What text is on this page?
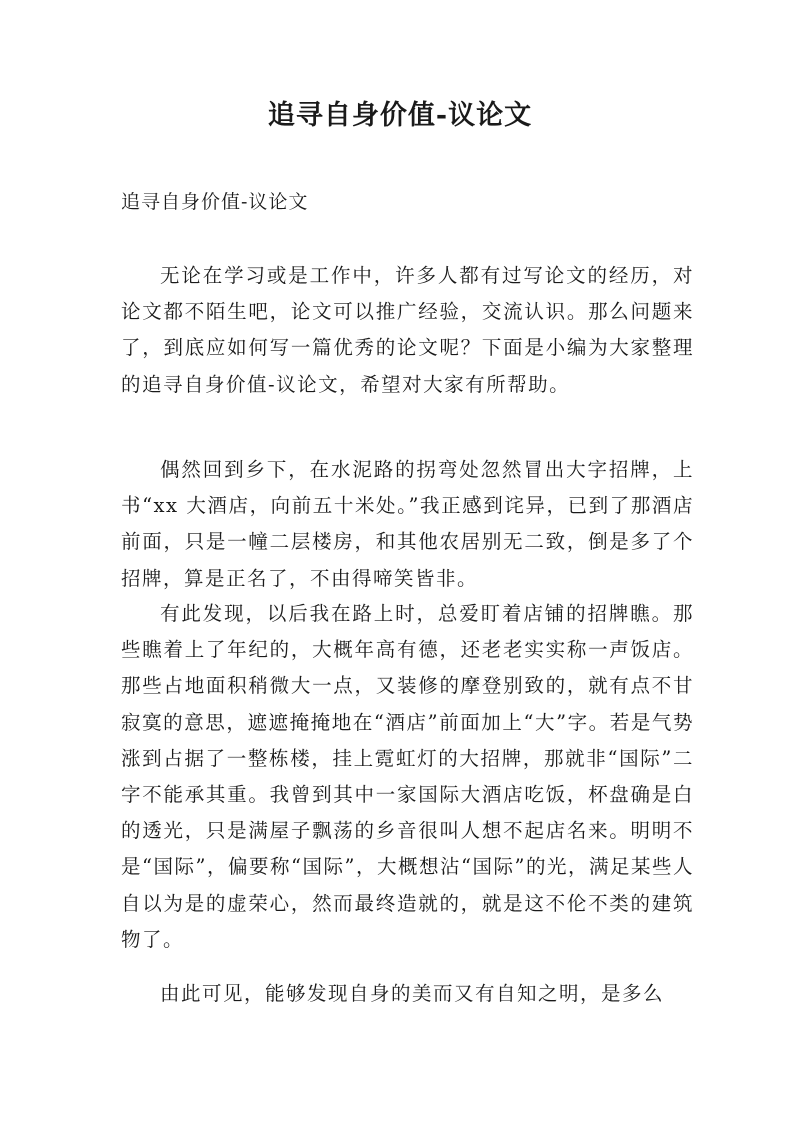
追寻自身价值-议论文

追寻自身价值-议论文

无论在学习或是工作中，许多人都有过写论文的经历，对论文都不陌生吧，论文可以推广经验，交流认识。那么问题来了，到底应如何写一篇优秀的论文呢？下面是小编为大家整理的追寻自身价值-议论文，希望对大家有所帮助。

偶然回到乡下，在水泥路的拐弯处忽然冒出大字招牌，上书“xx 大酒店，向前五十米处。”我正感到诧异，已到了那酒店前面，只是一幢二层楼房，和其他农居别无二致，倒是多了个招牌，算是正名了，不由得啼笑皆非。

有此发现，以后我在路上时，总爱盯着店铺的招牌瞧。那些瞧着上了年纪的，大概年高有德，还老老实实称一声饭店。那些占地面积稍微大一点，又装修的摩登别致的，就有点不甘寂寞的意思，遮遮掩掩地在“酒店”前面加上“大”字。若是气势涨到占据了一整栋楼，挂上霓虹灯的大招牌，那就非“国际”二字不能承其重。我曾到其中一家国际大酒店吃饭，杯盘确是白的透光，只是满屋子飘荡的乡音很叫人想不起店名来。明明不是“国际”，偏要称“国际”，大概想沾“国际”的光，满足某些人自以为是的虚荣心，然而最终造就的，就是这不伦不类的建筑物了。

由此可见，能够发现自身的美而又有自知之明，是多么
